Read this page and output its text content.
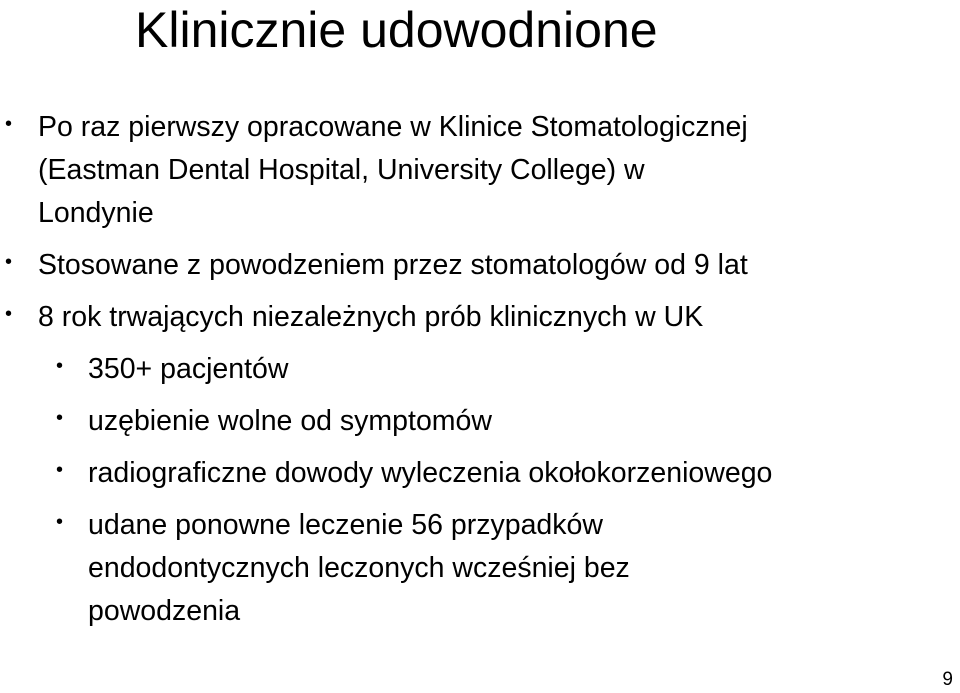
Klinicznie udowodnione
• Po raz pierwszy opracowane w Klinice Stomatologicznej
(Eastman Dental Hospital, University College) w
Londynie
• Stosowane z powodzeniem przez stomatologów od 9 lat
• 8 rok trwających niezależnych prób klinicznych w UK
• 350+ pacjentów
• uzębienie wolne od symptomów
• radiograficzne dowody wyleczenia okołokorzeniowego
• udane ponowne leczenie 56 przypadków
endodontycznych leczonych wcześniej bez
powodzenia
9
